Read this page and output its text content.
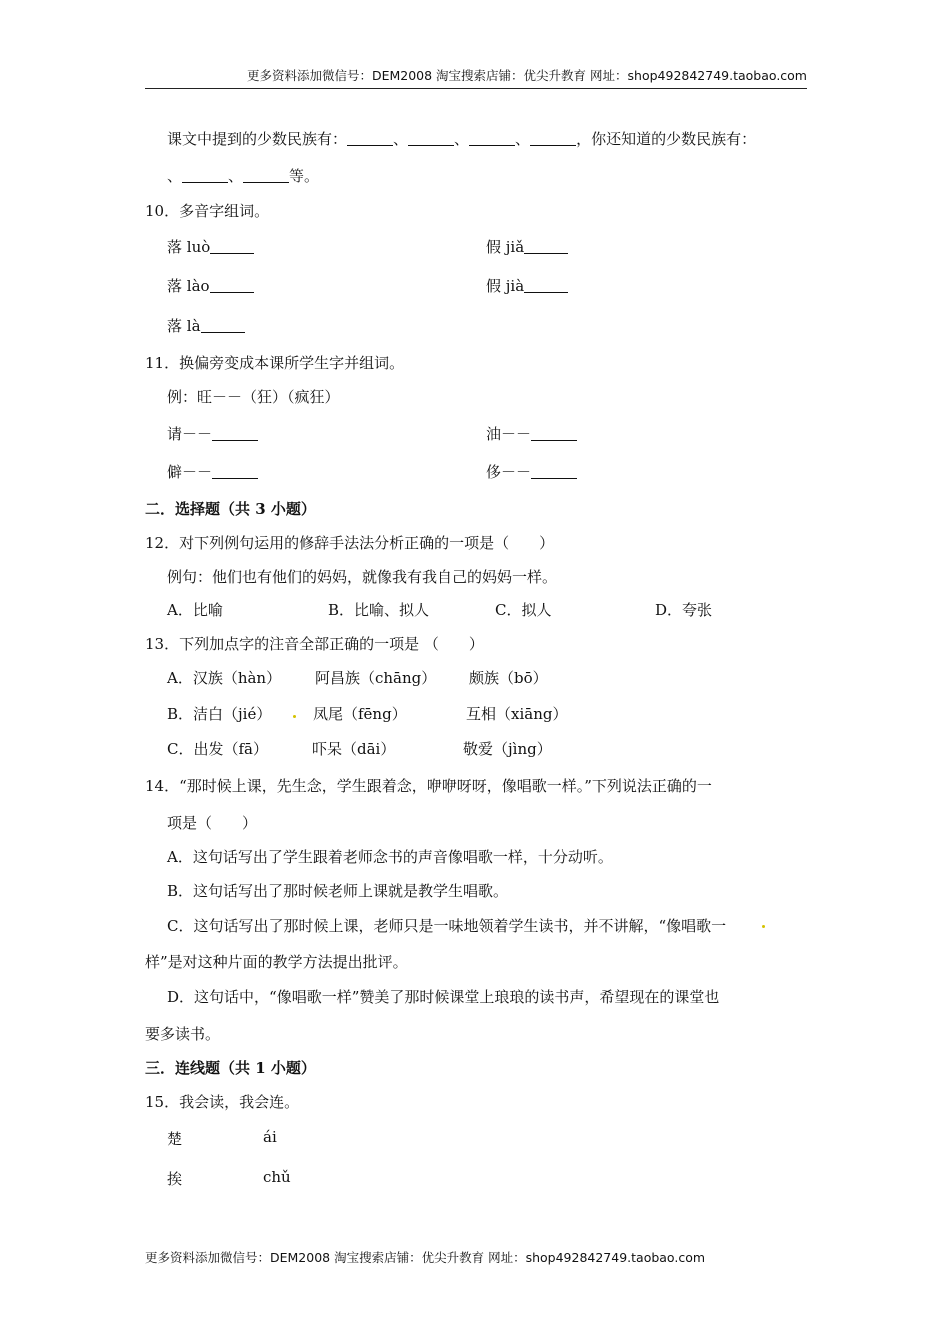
更多资料添加微信号：DEM2008 淘宝搜索店铺：优尖升教育 网址：shop492842749.taobao.com
课文中提到的少数民族有：	、	、	、	，你还知道的少数民族有：
、	、	等。
10．多音字组词。
落 luò	假 jiǎ
落 lào	假 jià
落 là
11．换偏旁变成本课所学生字并组词。
例：旺－－（狂）（疯狂）
请－－	油－－
僻－－	侈－－
二．选择题（共 3 小题）
12．对下列例句运用的修辞手法法分析正确的一项是（　　）
例句：他们也有他们的妈妈，就像我有我自己的妈妈一样。
A．比喻	B．比喻、拟人	C．拟人	D．夸张
13．下列加点字的注音全部正确的一项是 （　　）
A．汉族（hàn） 阿昌族（chāng） 颇族（bō）
B．洁白（jié）	凤尾（fēng）	互相（xiāng）
C．出发（fā）	吓呆（dāi）	敬爱（jìng）
14．“那时候上课，先生念，学生跟着念，咿咿呀呀，像唱歌一样。”下列说法正确的一
项是（　　）
A．这句话写出了学生跟着老师念书的声音像唱歌一样，十分动听。
B．这句话写出了那时候老师上课就是教学生唱歌。
C．这句话写出了那时候上课，老师只是一味地领着学生读书，并不讲解，“像唱歌一
样”是对这种片面的教学方法提出批评。
D．这句话中，“像唱歌一样”赞美了那时候课堂上琅琅的读书声，希望现在的课堂也
要多读书。
三．连线题（共 1 小题）
15．我会读，我会连。
楚	ái
挨	chǔ
更多资料添加微信号：DEM2008 淘宝搜索店铺：优尖升教育 网址：shop492842749.taobao.com
